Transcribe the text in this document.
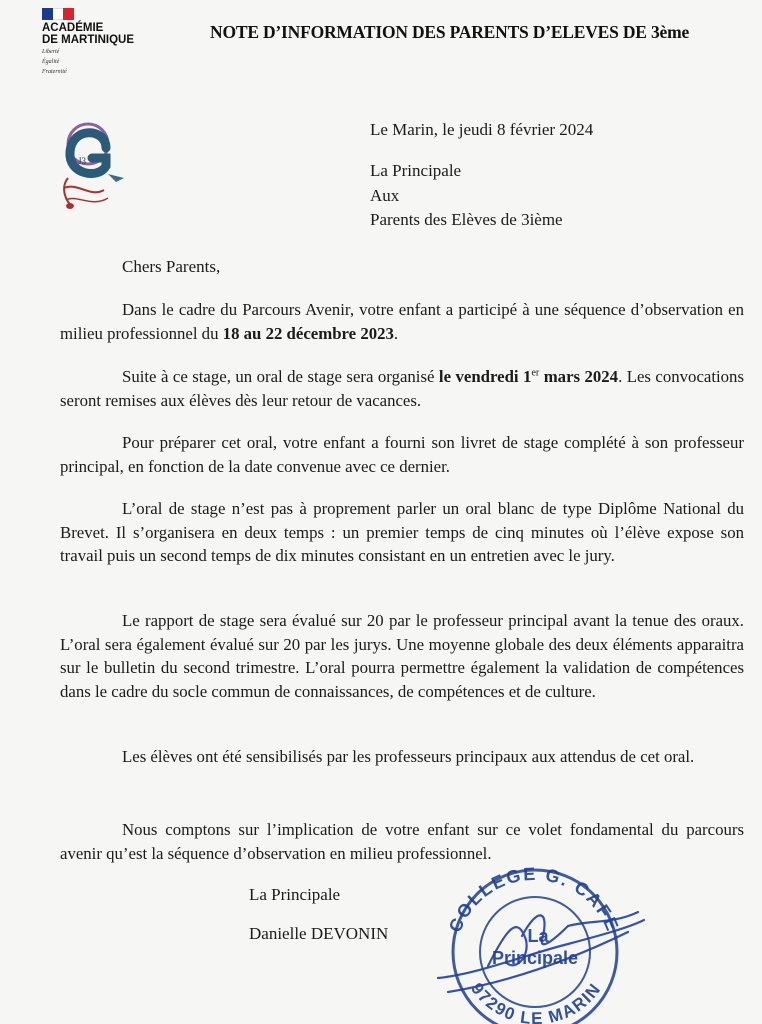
ACADÉMIE
DE MARTINIQUE
Liberté
Égalité
Fraternité
NOTE D’INFORMATION DES PARENTS D’ELEVES DE 3ème
J3
Le Marin, le jeudi 8 février 2024
La Principale
Aux
Parents des Elèves de 3ième
Chers Parents,
Dans le cadre du Parcours Avenir, votre enfant a participé à une séquence d’observation en milieu professionnel du 18 au 22 décembre 2023.
Suite à ce stage, un oral de stage sera organisé le vendredi 1er mars 2024. Les convocations seront remises aux élèves dès leur retour de vacances.
Pour préparer cet oral, votre enfant a fourni son livret de stage complété à son professeur principal, en fonction de la date convenue avec ce dernier.
L’oral de stage n’est pas à proprement parler un oral blanc de type Diplôme National du Brevet. Il s’organisera en deux temps : un premier temps de cinq minutes où l’élève expose son travail puis un second temps de dix minutes consistant en un entretien avec le jury.
Le rapport de stage sera évalué sur 20 par le professeur principal avant la tenue des oraux. L’oral sera également évalué sur 20 par les jurys. Une moyenne globale des deux éléments apparaitra sur le bulletin du second trimestre. L’oral pourra permettre également la validation de compétences dans le cadre du socle commun de connaissances, de compétences et de culture.
Les élèves ont été sensibilisés par les professeurs principaux aux attendus de cet oral.
Nous comptons sur l’implication de votre enfant sur ce volet fondamental du parcours avenir qu’est la séquence d’observation en milieu professionnel.
La Principale
Danielle DEVONIN	COLLEGE G. CAFE
97290 LE MARIN
La
Principale
